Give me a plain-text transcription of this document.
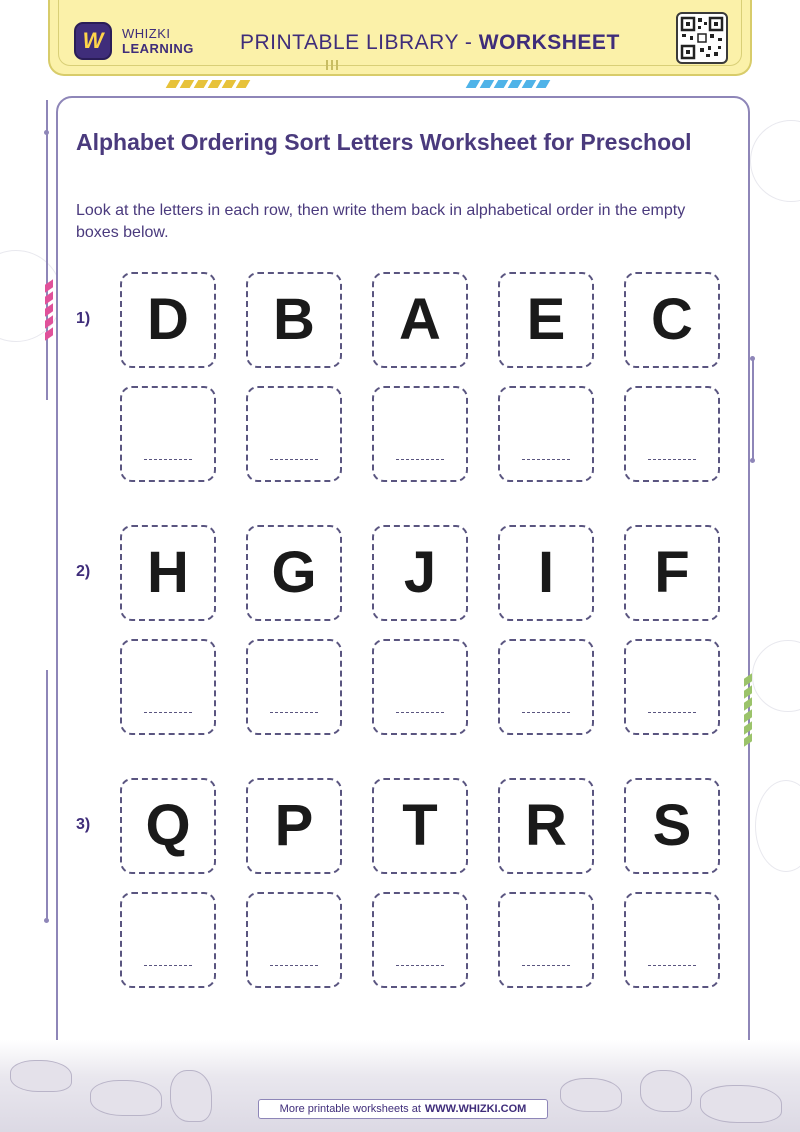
W WHIZKI
LEARNING PRINTABLE LIBRARY - WORKSHEET
Alphabet Ordering Sort Letters Worksheet for Preschool

Look at the letters in each row, then write them back in alphabetical order in the empty boxes below.

1) D B A E C
2) H G J I F
3) Q P T R S
More printable worksheets at WWW.WHIZKI.COM
